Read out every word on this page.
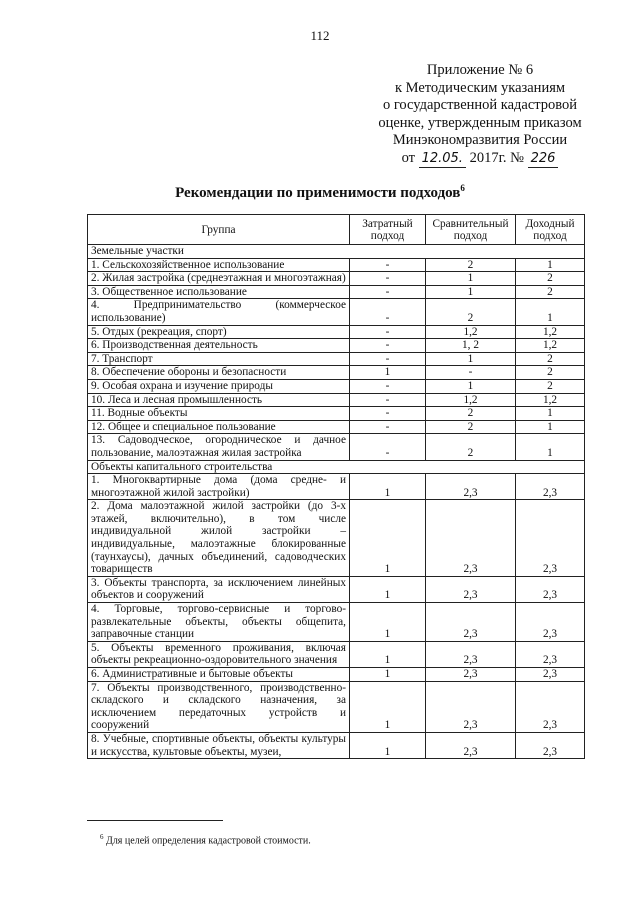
112
Приложение № 6
к Методическим указаниям
о государственной кадастровой
оценке, утвержденным приказом
Минэкономразвития России
от 12.05. 2017г. № 226
Рекомендации по применимости подходов$^6$
Группа	Затратный подход	Сравнительный подход	Доходный подход
Земельные участки			
1. Сельскохозяйственное использование	-	2	1
2. Жилая застройка (среднеэтажная и многоэтажная)	-	1	2
3. Общественное использование	-	1	2
4. Предпринимательство (коммерческое использование)	-	2	1
5. Отдых (рекреация, спорт)	-	1,2	1,2
6. Производственная деятельность	-	1, 2	1,2
7. Транспорт	-	1	2
8. Обеспечение обороны и безопасности	1	-	2
9. Особая охрана и изучение природы	-	1	2
10. Леса и лесная промышленность	-	1,2	1,2
11. Водные объекты	-	2	1
12. Общее и специальное пользование	-	2	1
13. Садоводческое, огородническое и дачное пользование, малоэтажная жилая застройка	-	2	1
Объекты капитального строительства			
1. Многоквартирные дома (дома средне- и многоэтажной жилой застройки)	1	2,3	2,3
2. Дома малоэтажной жилой застройки (до 3-х этажей, включительно), в том числе индивидуальной жилой застройки – индивидуальные, малоэтажные блокированные (таунхаусы), дачных объединений, садоводческих товариществ	1	2,3	2,3
3. Объекты транспорта, за исключением линейных объектов и сооружений	1	2,3	2,3
4. Торговые, торгово-сервисные и торгово-развлекательные объекты, объекты общепита, заправочные станции	1	2,3	2,3
5. Объекты временного проживания, включая объекты рекреационно-оздоровительного значения	1	2,3	2,3
6. Административные и бытовые объекты	1	2,3	2,3
7. Объекты производственного, производственно-складского и складского назначения, за исключением передаточных устройств и сооружений	1	2,3	2,3
8. Учебные, спортивные объекты, объекты культуры и искусства, культовые объекты, музеи,	1	2,3	2,3
$^6$ Для целей определения кадастровой стоимости.
